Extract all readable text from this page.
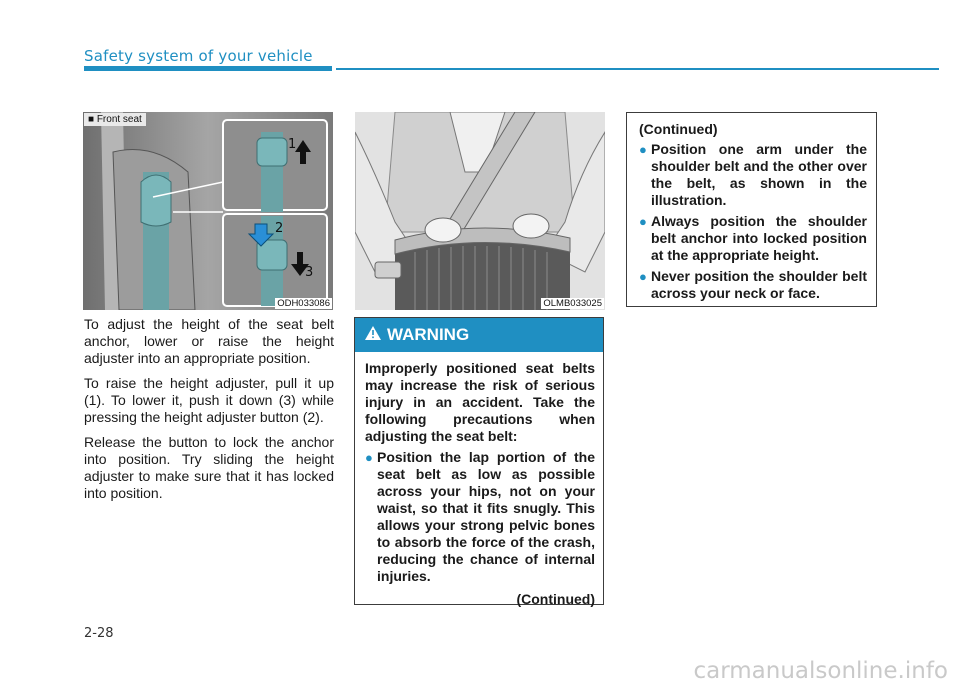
Safety system of your vehicle
1
2
3
■ Front seat
ODH033086	OLMB033025

To adjust the height of the seat belt anchor, lower or raise the height adjuster into an appropriate position.

To raise the height adjuster, pull it up (1). To lower it, push it down (3) while pressing the height adjuster button (2).

Release the button to lock the anchor into position. Try sliding the height adjuster to make sure that it has locked into position.

WARNING

Improperly positioned seat belts may increase the risk of serious injury in an accident. Take the following precautions when adjusting the seat belt:

● Position the lap portion of the seat belt as low as possible across your hips, not on your waist, so that it fits snugly. This allows your strong pelvic bones to absorb the force of the crash, reducing the chance of internal injuries.
(Continued)
(Continued)
● Position one arm under the shoulder belt and the other over the belt, as shown in the illustration.
● Always position the shoulder belt anchor into locked position at the appropriate height.
● Never position the shoulder belt across your neck or face.
2-28
carmanualsonline.info
